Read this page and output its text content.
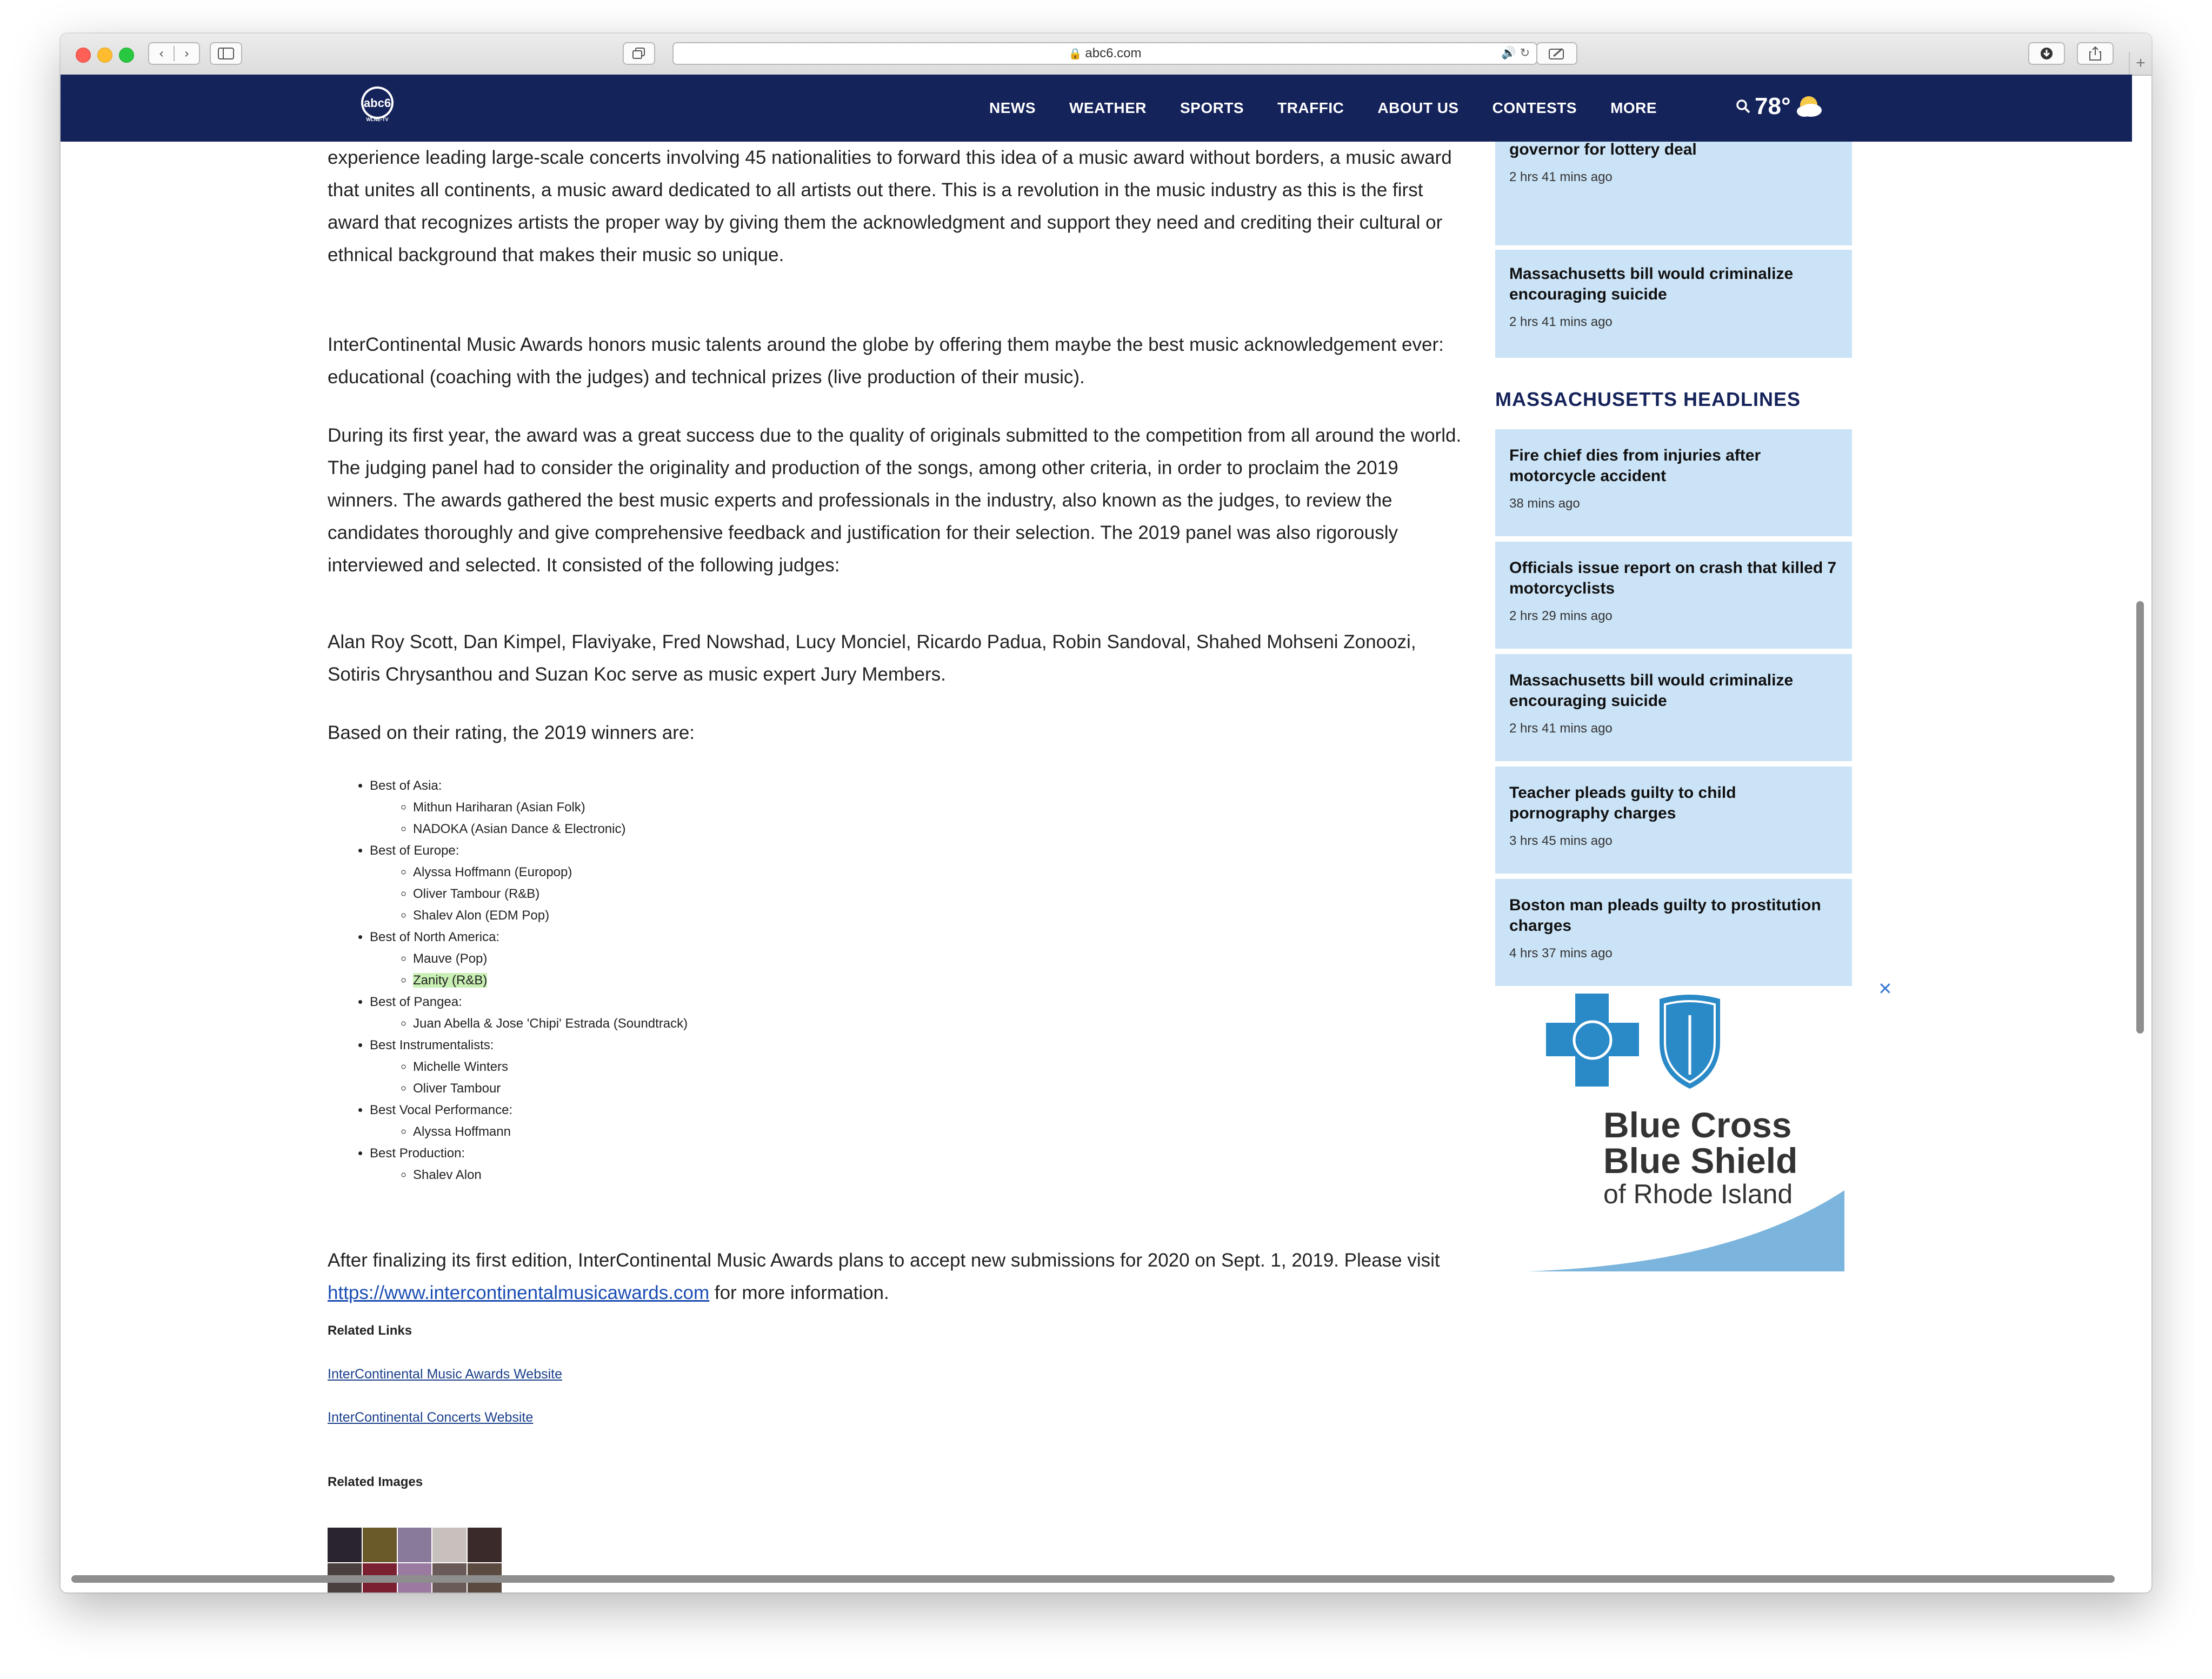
‹	›	🔒 abc6.com	🔊 ↻
+
abc6
WLNE-TV
NEWS WEATHER SPORTS TRAFFIC ABOUT US CONTESTS MORE	78°

experience leading large-scale concerts involving 45 nationalities to forward this idea of a music award without borders, a music award that unites all continents, a music award dedicated to all artists out there. This is a revolution in the music industry as this is the first award that recognizes artists the proper way by giving them the acknowledgment and support they need and crediting their cultural or ethnical background that makes their music so unique.

InterContinental Music Awards honors music talents around the globe by offering them maybe the best music acknowledgement ever: educational (coaching with the judges) and technical prizes (live production of their music).

During its first year, the award was a great success due to the quality of originals submitted to the competition from all around the world. The judging panel had to consider the originality and production of the songs, among other criteria, in order to proclaim the 2019 winners. The awards gathered the best music experts and professionals in the industry, also known as the judges, to review the candidates thoroughly and give comprehensive feedback and justification for their selection. The 2019 panel was also rigorously interviewed and selected. It consisted of the following judges:

Alan Roy Scott, Dan Kimpel, Flaviyake, Fred Nowshad, Lucy Monciel, Ricardo Padua, Robin Sandoval, Shahed Mohseni Zonoozi, Sotiris Chrysanthou and Suzan Koc serve as music expert Jury Members.

Based on their rating, the 2019 winners are:

• Best of Asia:
◦ Mithun Hariharan (Asian Folk)
◦ NADOKA (Asian Dance & Electronic)
• Best of Europe:
◦ Alyssa Hoffmann (Europop)
◦ Oliver Tambour (R&B)
◦ Shalev Alon (EDM Pop)
• Best of North America:
◦ Mauve (Pop)
◦ Zanity (R&B)
• Best of Pangea:
◦ Juan Abella & Jose 'Chipi' Estrada (Soundtrack)
• Best Instrumentalists:
◦ Michelle Winters
◦ Oliver Tambour
• Best Vocal Performance:
◦ Alyssa Hoffmann
• Best Production:
◦ Shalev Alon

After finalizing its first edition, InterContinental Music Awards plans to accept new submissions for 2020 on Sept. 1, 2019. Please visit https://www.intercontinentalmusicawards.com for more information.

Related Links
InterContinental Music Awards Website
InterContinental Concerts Website
Related Images
governor for lottery deal
2 hrs 41 mins ago
Massachusetts bill would criminalize encouraging suicide
2 hrs 41 mins ago
MASSACHUSETTS HEADLINES
Fire chief dies from injuries after motorcycle accident
38 mins ago
Officials issue report on crash that killed 7 motorcyclists
2 hrs 29 mins ago
Massachusetts bill would criminalize encouraging suicide
2 hrs 41 mins ago
Teacher pleads guilty to child pornography charges
3 hrs 45 mins ago
Boston man pleads guilty to prostitution charges
4 hrs 37 mins ago
✕
Blue Cross
Blue Shield
of Rhode Island
